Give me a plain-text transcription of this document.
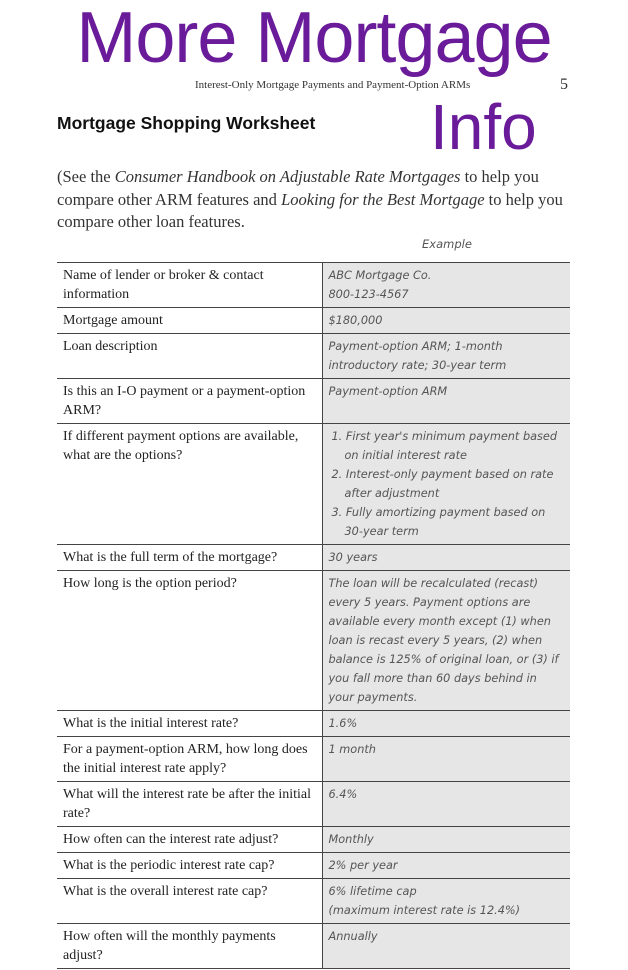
Interest-Only Mortgage Payments and Payment-Option ARMs	5
Mortgage Shopping Worksheet

(See the Consumer Handbook on Adjustable Rate Mortgages to help you compare other ARM features and Looking for the Best Mortgage to help you compare other loan features.

Example
Name of lender or broker & contact information	ABC Mortgage Co.
800-123-4567

Mortgage amount	$180,000

Loan description	Payment-option ARM; 1-month introductory rate; 30-year term

Is this an I-O payment or a payment-option ARM?	Payment-option ARM

If different payment options are available, what are the options?	1. First year's minimum payment based on initial interest rate
2. Interest-only payment based on rate after adjustment
3. Fully amortizing payment based on 30-year term

What is the full term of the mortgage?	30 years

How long is the option period?	The loan will be recalculated (recast) every 5 years. Payment options are available every month except (1) when loan is recast every 5 years, (2) when balance is 125% of original loan, or (3) if you fall more than 60 days behind in your payments.

What is the initial interest rate?	1.6%

For a payment-option ARM, how long does the initial interest rate apply?	1 month

What will the interest rate be after the initial rate?	6.4%

How often can the interest rate adjust?	Monthly

What is the periodic interest rate cap?	2% per year

What is the overall interest rate cap?	6% lifetime cap
(maximum interest rate is 12.4%)

How often will the monthly payments adjust?	Annually
More Mortgage
Info
